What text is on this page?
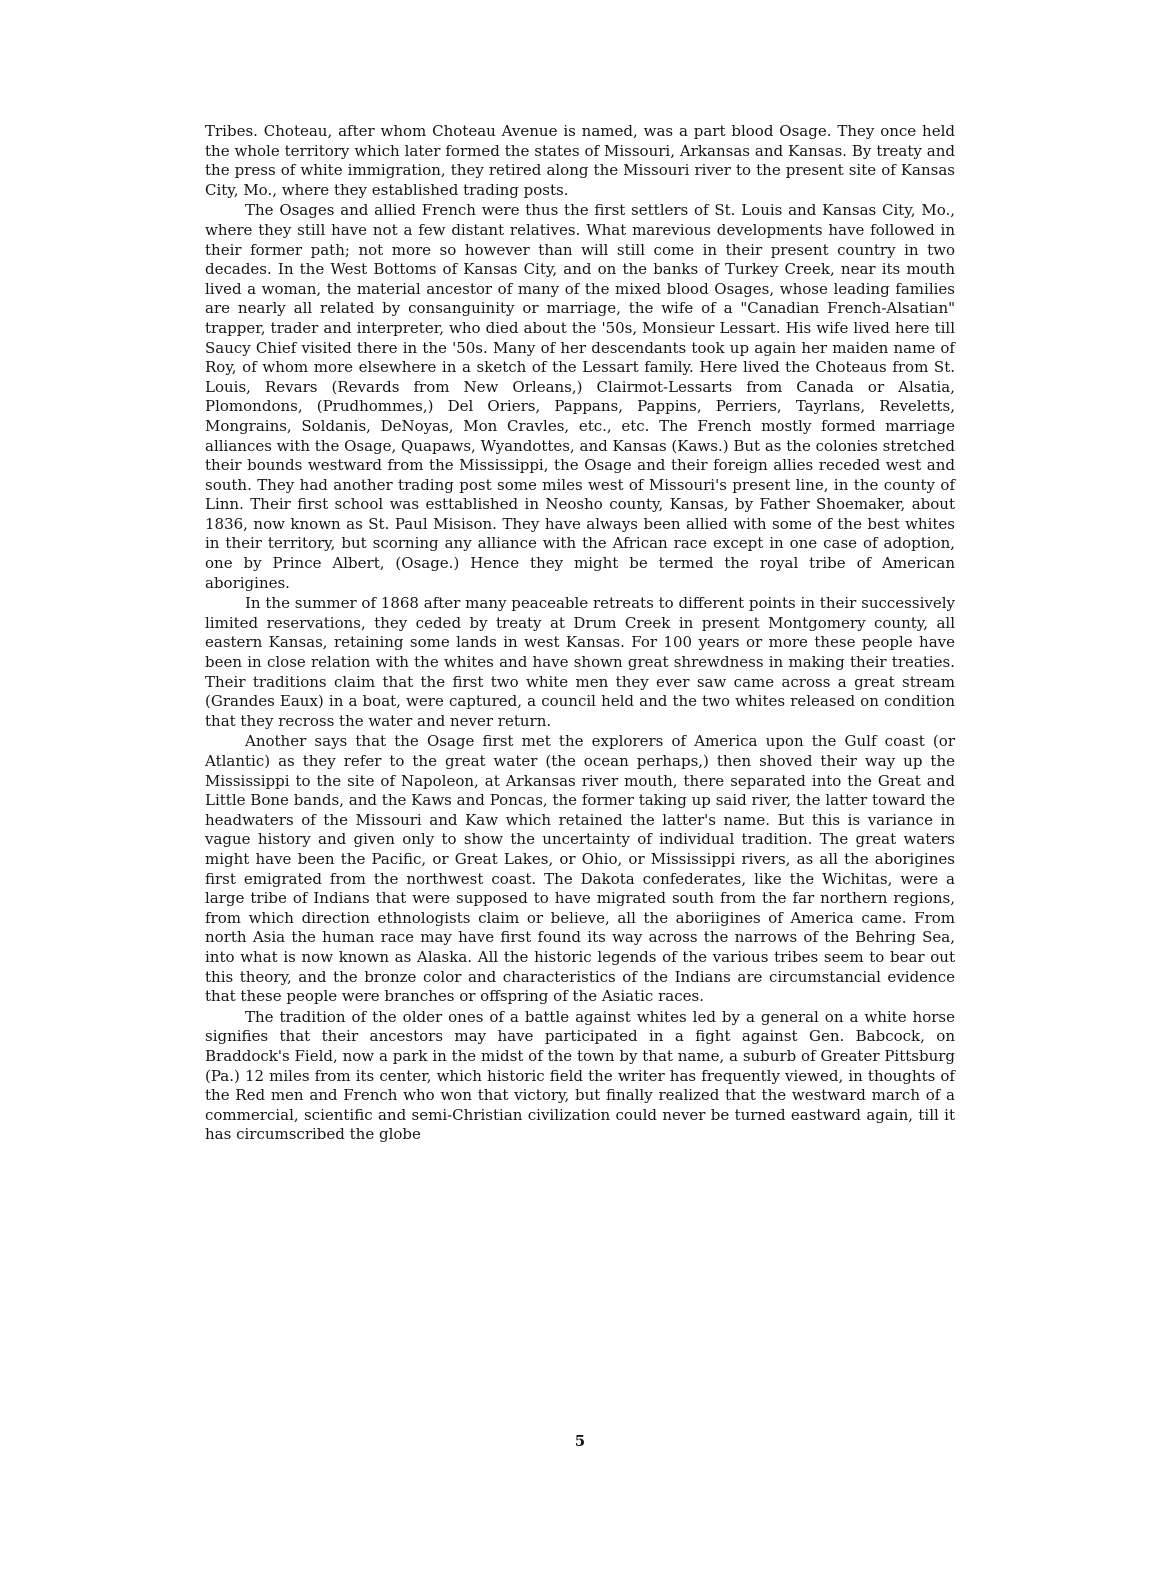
Tribes. Choteau, after whom Choteau Avenue is named, was a part blood Osage. They once held the whole territory which later formed the states of Missouri, Arkansas and Kansas. By treaty and the press of white immigration, they retired along the Missouri river to the present site of Kansas City, Mo., where they established trading posts.

The Osages and allied French were thus the first settlers of St. Louis and Kansas City, Mo., where they still have not a few distant relatives. What marevious developments have followed in their former path; not more so however than will still come in their present country in two decades. In the West Bottoms of Kansas City, and on the banks of Turkey Creek, near its mouth lived a woman, the material ancestor of many of the mixed blood Osages, whose leading families are nearly all related by consanguinity or marriage, the wife of a "Canadian French-Alsatian" trapper, trader and interpreter, who died about the '50s, Monsieur Lessart. His wife lived here till Saucy Chief visited there in the '50s. Many of her descendants took up again her maiden name of Roy, of whom more elsewhere in a sketch of the Lessart family. Here lived the Choteaus from St. Louis, Revars (Revards from New Orleans,) Clairmot-Lessarts from Canada or Alsatia, Plomondons, (Prudhommes,) Del Oriers, Pappans, Pappins, Perriers, Tayrlans, Reveletts, Mongrains, Soldanis, DeNoyas, Mon Cravles, etc., etc. The French mostly formed marriage alliances with the Osage, Quapaws, Wyandottes, and Kansas (Kaws.) But as the colonies stretched their bounds westward from the Mississippi, the Osage and their foreign allies receded west and south. They had another trading post some miles west of Missouri's present line, in the county of Linn. Their first school was esttablished in Neosho county, Kansas, by Father Shoemaker, about 1836, now known as St. Paul Misison. They have always been allied with some of the best whites in their territory, but scorning any alliance with the African race except in one case of adoption, one by Prince Albert, (Osage.) Hence they might be termed the royal tribe of American aborigines.

In the summer of 1868 after many peaceable retreats to different points in their successively limited reservations, they ceded by treaty at Drum Creek in present Montgomery county, all eastern Kansas, retaining some lands in west Kansas. For 100 years or more these people have been in close relation with the whites and have shown great shrewdness in making their treaties. Their traditions claim that the first two white men they ever saw came across a great stream (Grandes Eaux) in a boat, were captured, a council held and the two whites released on condition that they recross the water and never return.

Another says that the Osage first met the explorers of America upon the Gulf coast (or Atlantic) as they refer to the great water (the ocean perhaps,) then shoved their way up the Mississippi to the site of Napoleon, at Arkansas river mouth, there separated into the Great and Little Bone bands, and the Kaws and Poncas, the former taking up said river, the latter toward the headwaters of the Missouri and Kaw which retained the latter's name. But this is variance in vague history and given only to show the uncertainty of individual tradition. The great waters might have been the Pacific, or Great Lakes, or Ohio, or Mississippi rivers, as all the aborigines first emigrated from the northwest coast. The Dakota confederates, like the Wichitas, were a large tribe of Indians that were supposed to have migrated south from the far northern regions, from which direction ethnologists claim or believe, all the aboriigines of America came. From north Asia the human race may have first found its way across the narrows of the Behring Sea, into what is now known as Alaska. All the historic legends of the various tribes seem to bear out this theory, and the bronze color and characteristics of the Indians are circumstancial evidence that these people were branches or offspring of the Asiatic races.

The tradition of the older ones of a battle against whites led by a general on a white horse signifies that their ancestors may have participated in a fight against Gen. Babcock, on Braddock's Field, now a park in the midst of the town by that name, a suburb of Greater Pittsburg (Pa.) 12 miles from its center, which historic field the writer has frequently viewed, in thoughts of the Red men and French who won that victory, but finally realized that the westward march of a commercial, scientific and semi-Christian civilization could never be turned eastward again, till it has circumscribed the globe

5
